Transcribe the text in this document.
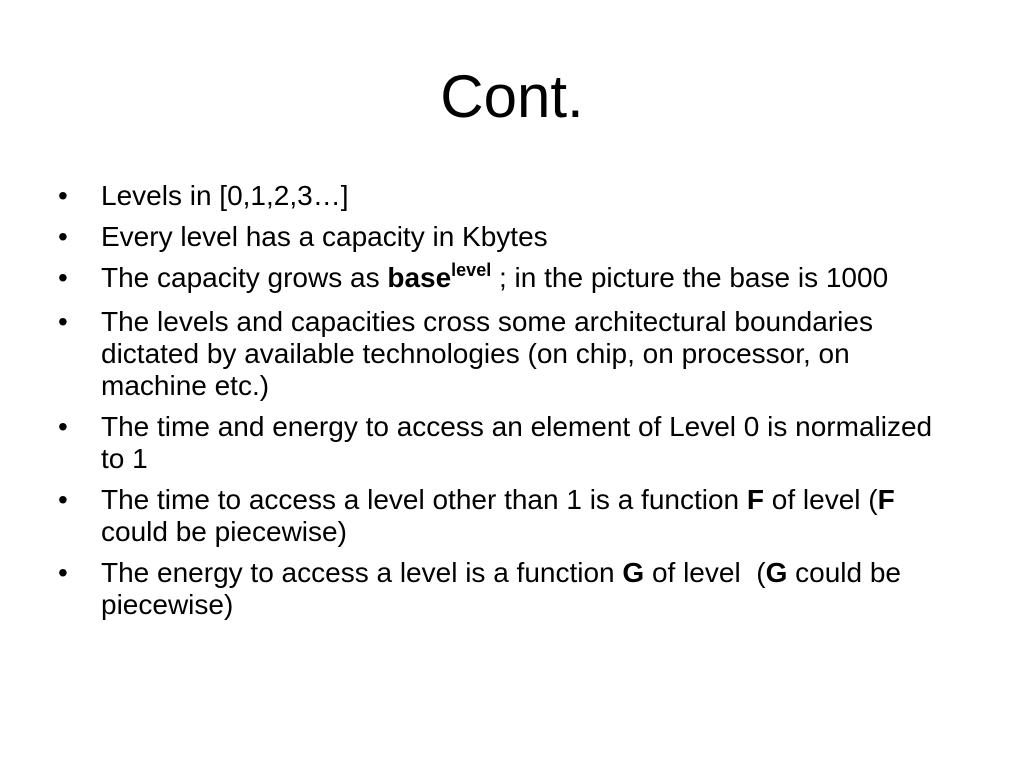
Cont.
•	Levels in [0,1,2,3…]
•	Every level has a capacity in Kbytes
•	The capacity grows as base$^{level}$ ; in the picture the base is 1000
•	The levels and capacities cross some architectural boundaries dictated by available technologies (on chip, on processor, on machine etc.)
•	The time and energy to access an element of Level 0 is normalized to 1
•	The time to access a level other than 1 is a function F of level (F could be piecewise)
•	The energy to access a level is a function G of level  (G could be piecewise)
